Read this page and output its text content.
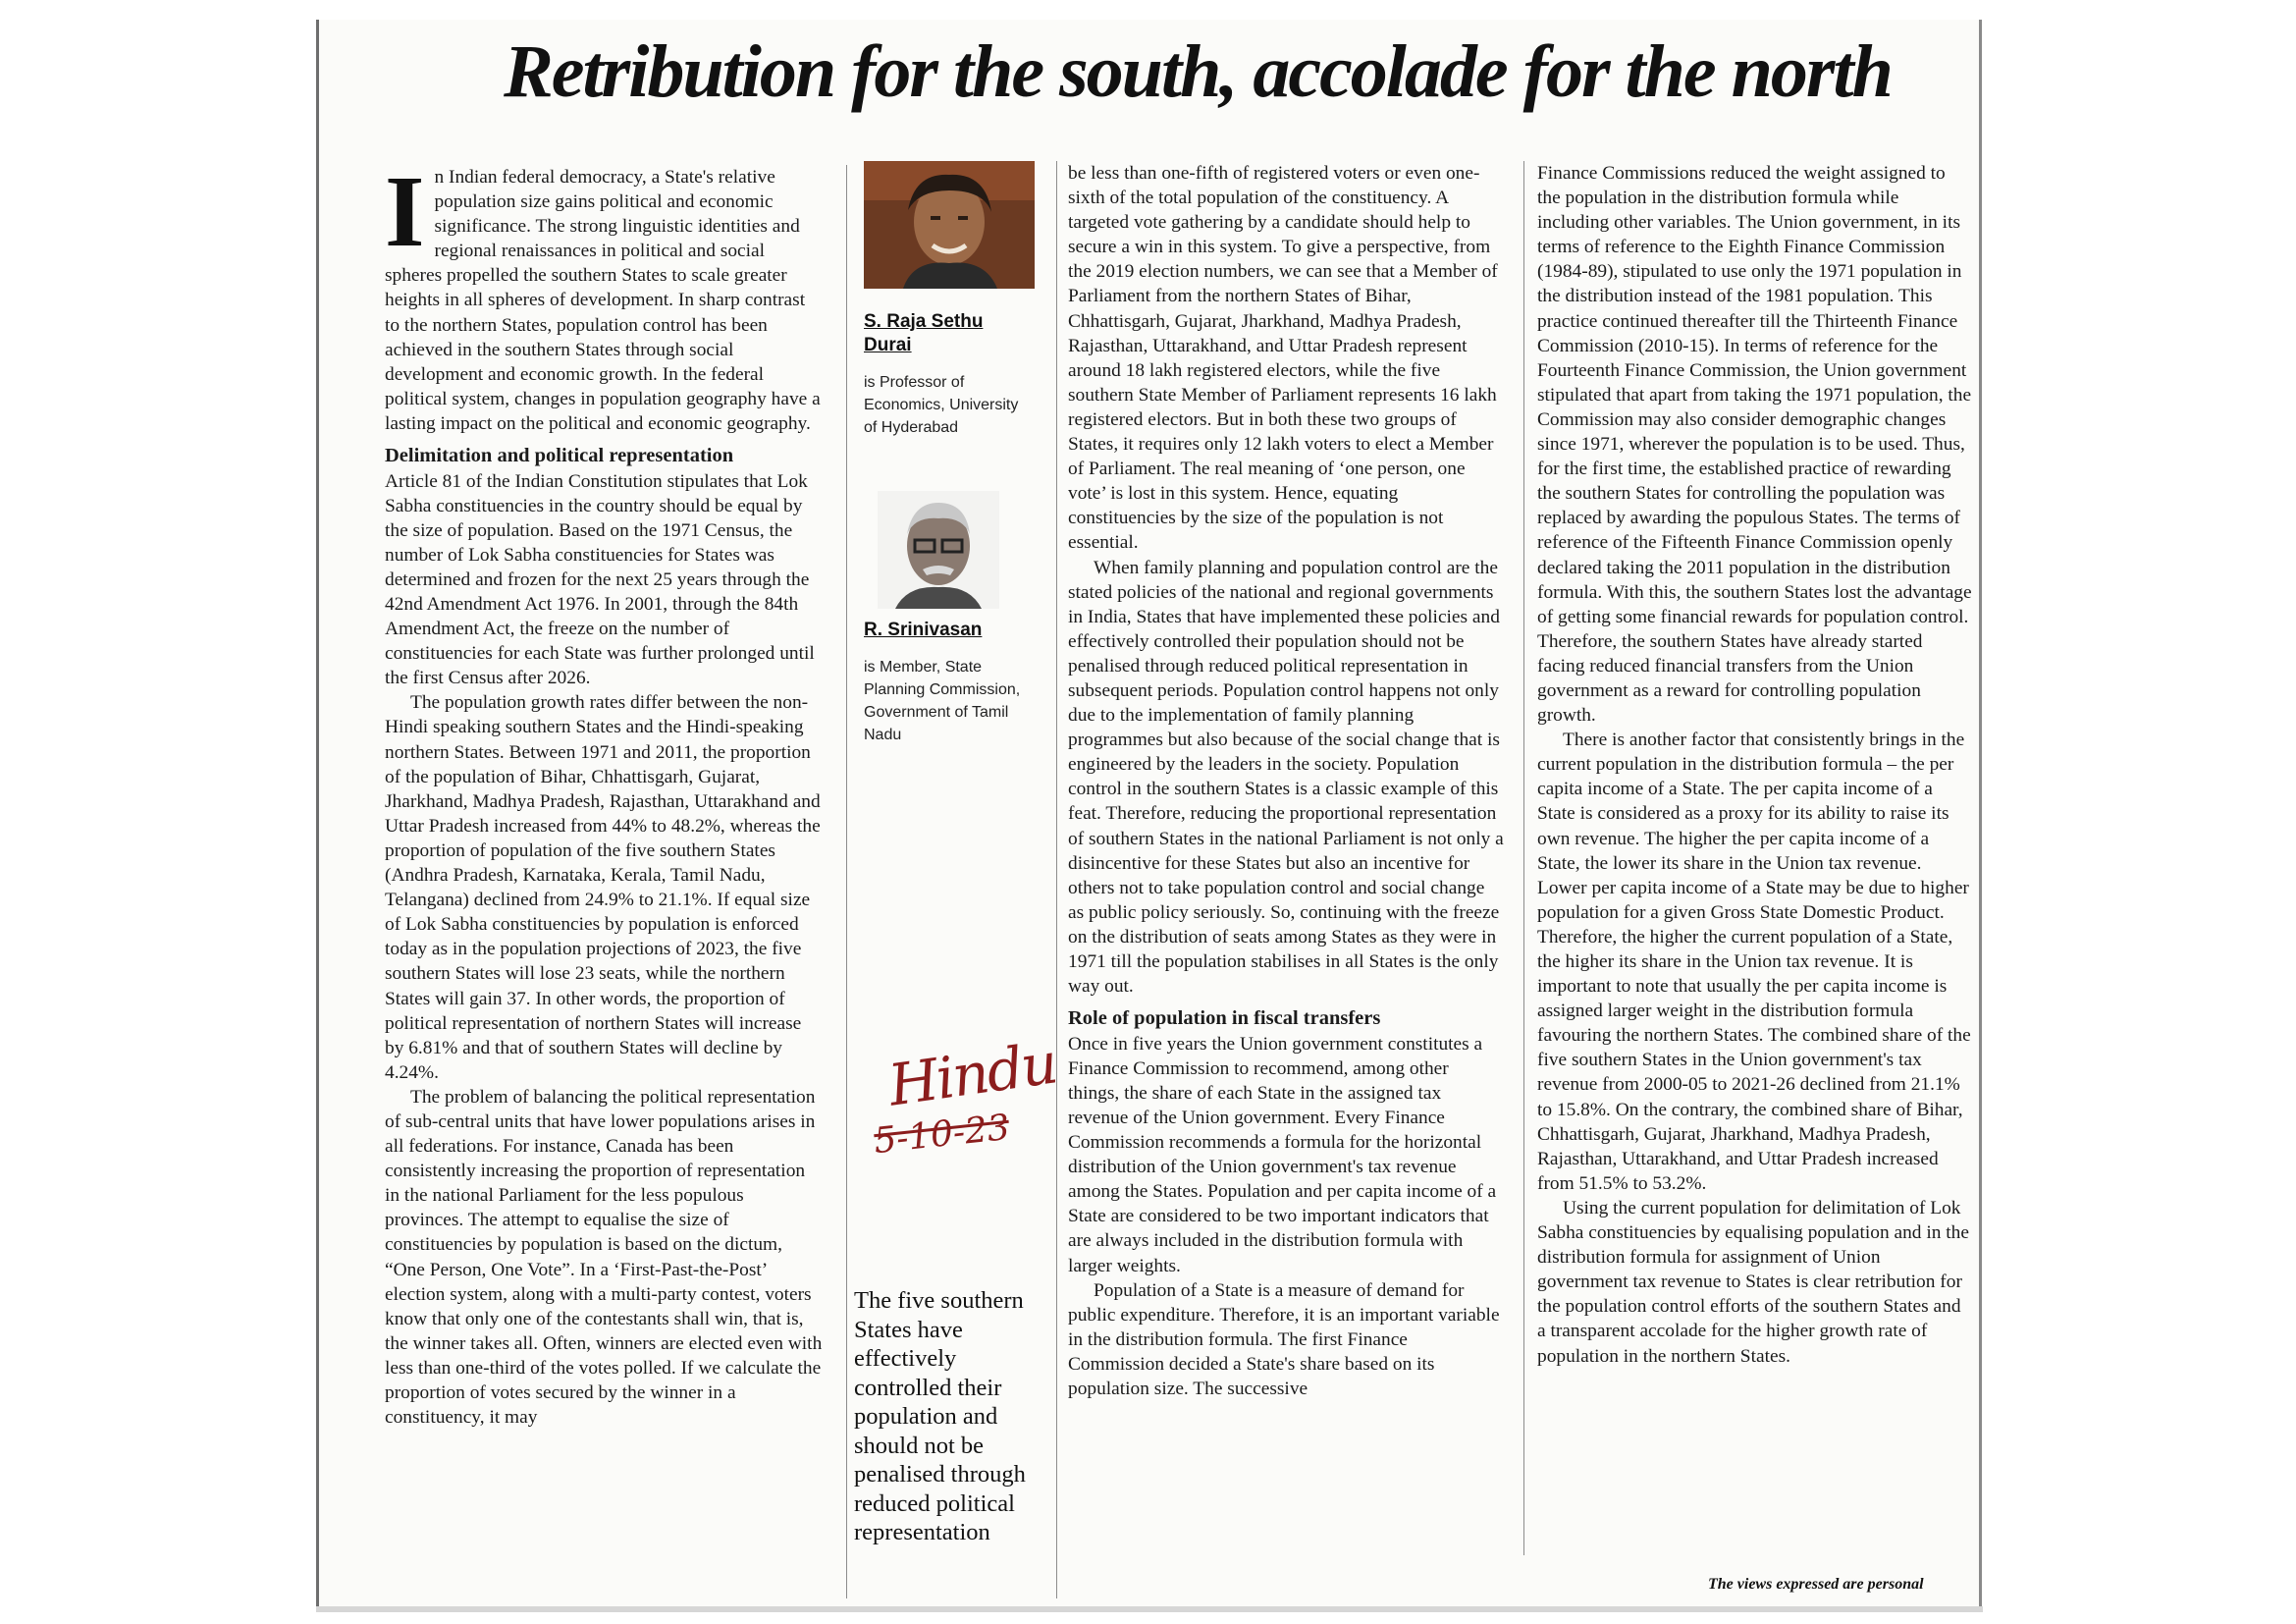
Retribution for the south, accolade for the north
I n Indian federal democracy, a State's relative population size gains political and economic significance. The strong linguistic identities and regional renaissances in political and social spheres propelled the southern States to scale greater heights in all spheres of development. In sharp contrast to the northern States, population control has been achieved in the southern States through social development and economic growth. In the federal political system, changes in population geography have a lasting impact on the political and economic geography.

Delimitation and political representation

Article 81 of the Indian Constitution stipulates that Lok Sabha constituencies in the country should be equal by the size of population. Based on the 1971 Census, the number of Lok Sabha constituencies for States was determined and frozen for the next 25 years through the 42nd Amendment Act 1976. In 2001, through the 84th Amendment Act, the freeze on the number of constituencies for each State was further prolonged until the first Census after 2026.

The population growth rates differ between the non-Hindi speaking southern States and the Hindi-speaking northern States. Between 1971 and 2011, the proportion of the population of Bihar, Chhattisgarh, Gujarat, Jharkhand, Madhya Pradesh, Rajasthan, Uttarakhand and Uttar Pradesh increased from 44% to 48.2%, whereas the proportion of population of the five southern States (Andhra Pradesh, Karnataka, Kerala, Tamil Nadu, Telangana) declined from 24.9% to 21.1%. If equal size of Lok Sabha constituencies by population is enforced today as in the population projections of 2023, the five southern States will lose 23 seats, while the northern States will gain 37. In other words, the proportion of political representation of northern States will increase by 6.81% and that of southern States will decline by 4.24%.

The problem of balancing the political representation of sub-central units that have lower populations arises in all federations. For instance, Canada has been consistently increasing the proportion of representation in the national Parliament for the less populous provinces. The attempt to equalise the size of constituencies by population is based on the dictum, “One Person, One Vote”. In a ‘First-Past-the-Post’ election system, along with a multi-party contest, voters know that only one of the contestants shall win, that is, the winner takes all. Often, winners are elected even with less than one-third of the votes polled. If we calculate the proportion of votes secured by the winner in a constituency, it may

S. Raja Sethu Durai
is Professor of Economics, University of Hyderabad
R. Srinivasan
is Member, State Planning Commission, Government of Tamil Nadu
Hindu
5-10-23
The five southern States have effectively controlled their population and should not be penalised through reduced political representation

be less than one-fifth of registered voters or even one-sixth of the total population of the constituency. A targeted vote gathering by a candidate should help to secure a win in this system. To give a perspective, from the 2019 election numbers, we can see that a Member of Parliament from the northern States of Bihar, Chhattisgarh, Gujarat, Jharkhand, Madhya Pradesh, Rajasthan, Uttarakhand, and Uttar Pradesh represent around 18 lakh registered electors, while the five southern State Member of Parliament represents 16 lakh registered electors. But in both these two groups of States, it requires only 12 lakh voters to elect a Member of Parliament. The real meaning of ‘one person, one vote’ is lost in this system. Hence, equating constituencies by the size of the population is not essential.

When family planning and population control are the stated policies of the national and regional governments in India, States that have implemented these policies and effectively controlled their population should not be penalised through reduced political representation in subsequent periods. Population control happens not only due to the implementation of family planning programmes but also because of the social change that is engineered by the leaders in the society. Population control in the southern States is a classic example of this feat. Therefore, reducing the proportional representation of southern States in the national Parliament is not only a disincentive for these States but also an incentive for others not to take population control and social change as public policy seriously. So, continuing with the freeze on the distribution of seats among States as they were in 1971 till the population stabilises in all States is the only way out.

Role of population in fiscal transfers

Once in five years the Union government constitutes a Finance Commission to recommend, among other things, the share of each State in the assigned tax revenue of the Union government. Every Finance Commission recommends a formula for the horizontal distribution of the Union government's tax revenue among the States. Population and per capita income of a State are considered to be two important indicators that are always included in the distribution formula with larger weights.

Population of a State is a measure of demand for public expenditure. Therefore, it is an important variable in the distribution formula. The first Finance Commission decided a State's share based on its population size. The successive

Finance Commissions reduced the weight assigned to the population in the distribution formula while including other variables. The Union government, in its terms of reference to the Eighth Finance Commission (1984-89), stipulated to use only the 1971 population in the distribution instead of the 1981 population. This practice continued thereafter till the Thirteenth Finance Commission (2010-15). In terms of reference for the Fourteenth Finance Commission, the Union government stipulated that apart from taking the 1971 population, the Commission may also consider demographic changes since 1971, wherever the population is to be used. Thus, for the first time, the established practice of rewarding the southern States for controlling the population was replaced by awarding the populous States. The terms of reference of the Fifteenth Finance Commission openly declared taking the 2011 population in the distribution formula. With this, the southern States lost the advantage of getting some financial rewards for population control. Therefore, the southern States have already started facing reduced financial transfers from the Union government as a reward for controlling population growth.

There is another factor that consistently brings in the current population in the distribution formula – the per capita income of a State. The per capita income of a State is considered as a proxy for its ability to raise its own revenue. The higher the per capita income of a State, the lower its share in the Union tax revenue. Lower per capita income of a State may be due to higher population for a given Gross State Domestic Product. Therefore, the higher the current population of a State, the higher its share in the Union tax revenue. It is important to note that usually the per capita income is assigned larger weight in the distribution formula favouring the northern States. The combined share of the five southern States in the Union government's tax revenue from 2000-05 to 2021-26 declined from 21.1% to 15.8%. On the contrary, the combined share of Bihar, Chhattisgarh, Gujarat, Jharkhand, Madhya Pradesh, Rajasthan, Uttarakhand, and Uttar Pradesh increased from 51.5% to 53.2%.

Using the current population for delimitation of Lok Sabha constituencies by equalising population and in the distribution formula for assignment of Union government tax revenue to States is clear retribution for the population control efforts of the southern States and a transparent accolade for the higher growth rate of population in the northern States.

The views expressed are personal
